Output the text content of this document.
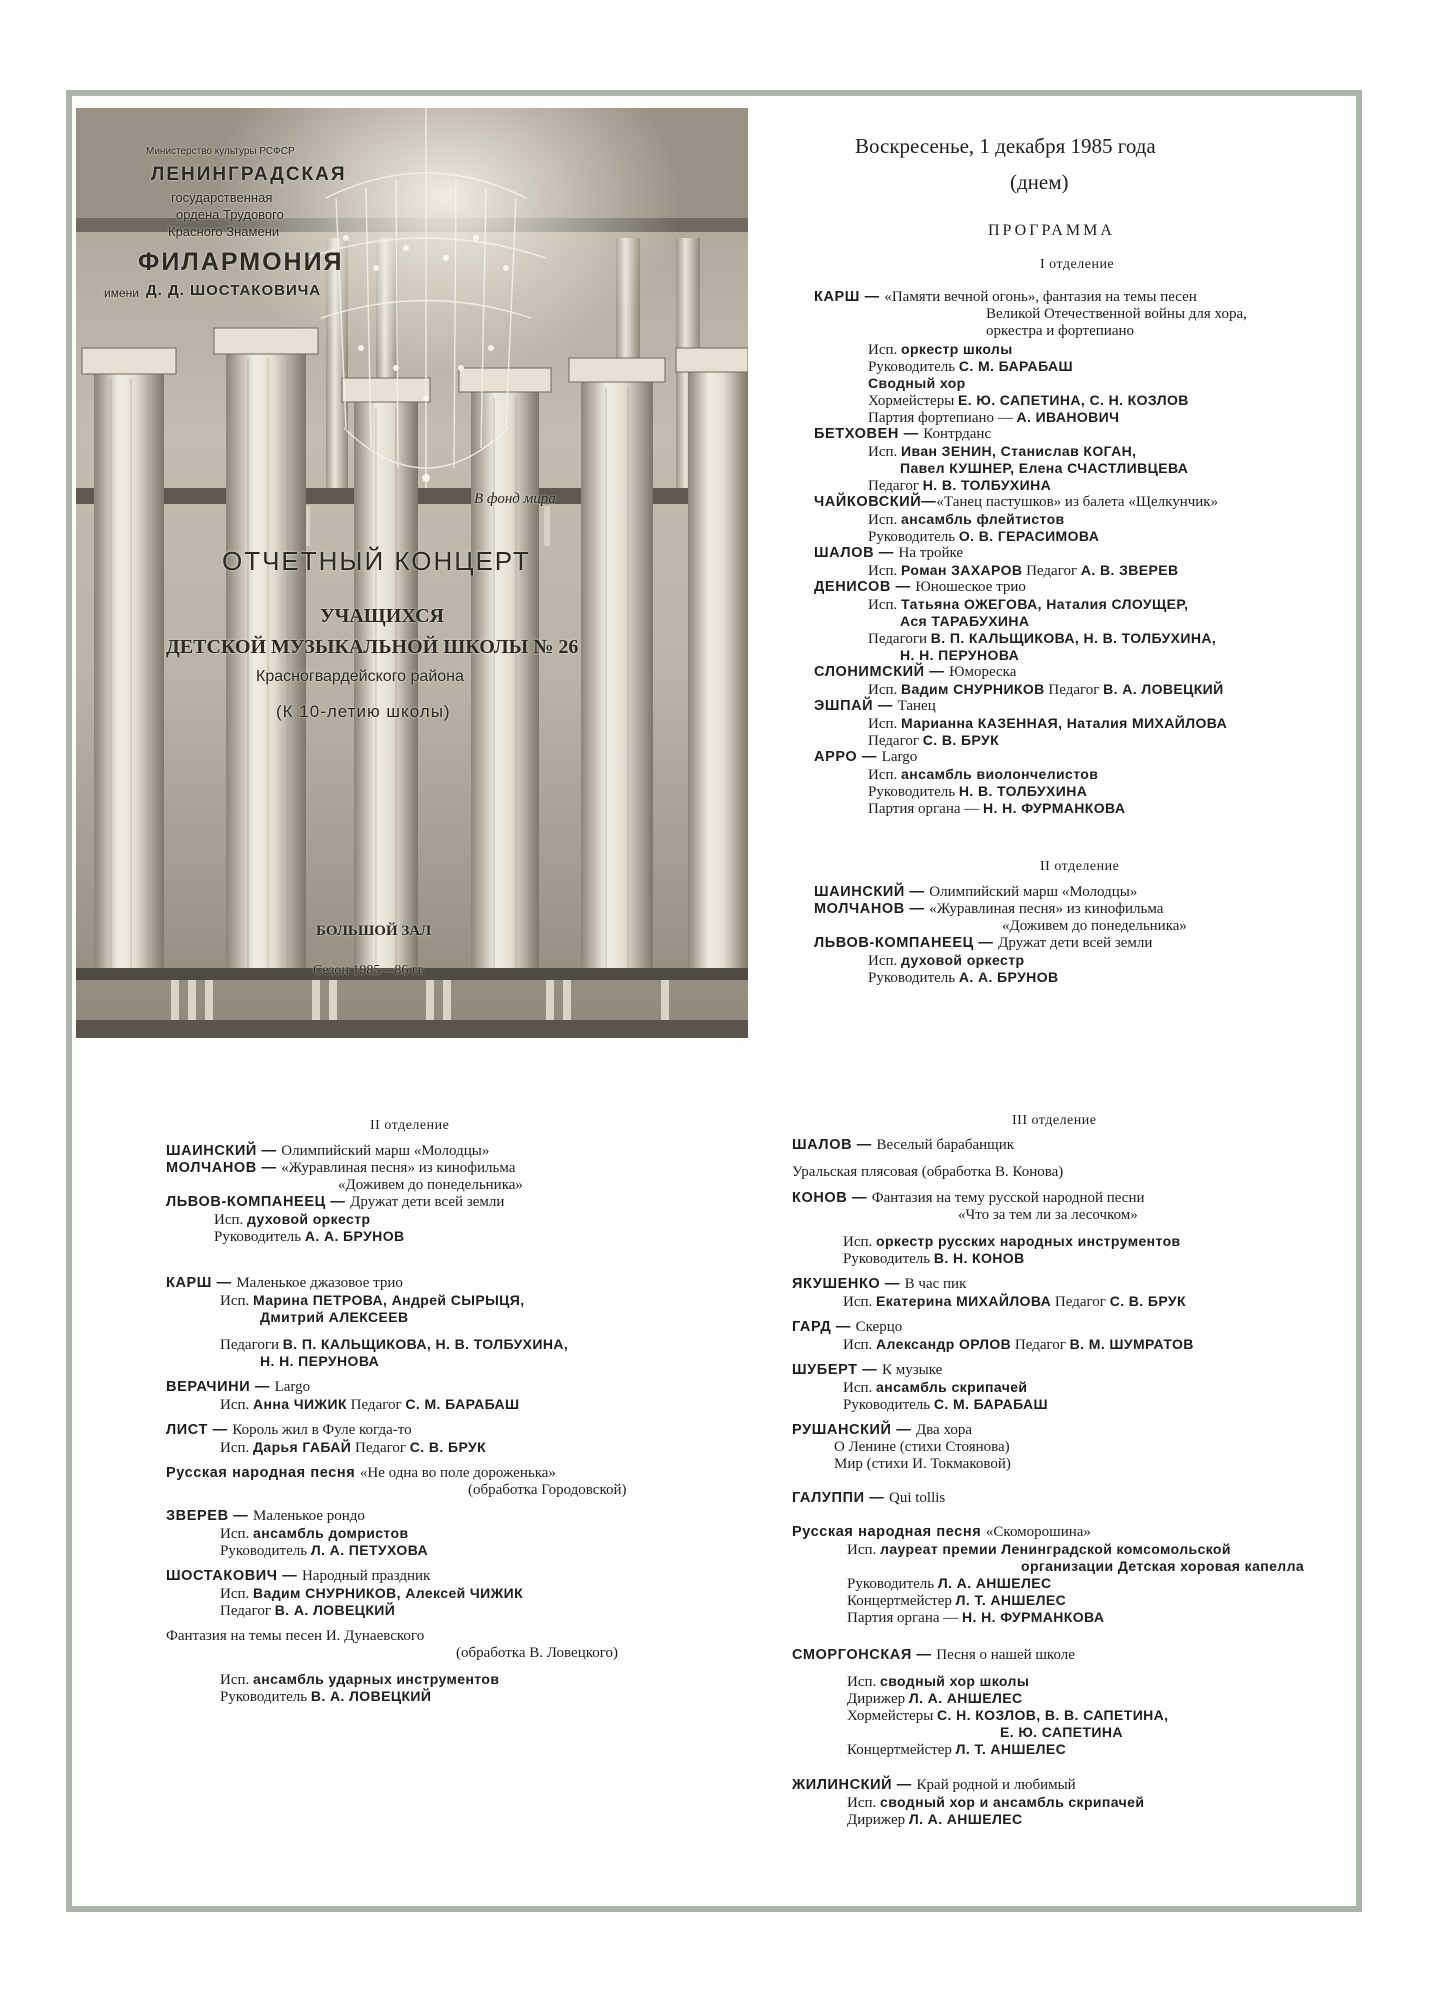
Министерство культуры РСФСР
ЛЕНИНГРАДСКАЯ
государственная
ордена Трудового
Красного Знамени
ФИЛАРМОНИЯ
имени Д. Д. ШОСТАКОВИЧА
В фонд мира
ОТЧЕТНЫЙ КОНЦЕРТ
УЧАЩИХСЯ
ДЕТСКОЙ МУЗЫКАЛЬНОЙ ШКОЛЫ № 26
Красногвардейского района
(К 10-летию школы)
БОЛЬШОЙ ЗАЛ
Сезон 1985—86 гг.
Воскресенье, 1 декабря 1985 года
(днем)
ПРОГРАММА
I отделение
КАРШ — «Памяти вечной огонь», фантазия на темы песен
Великой Отечественной войны для хора,
оркестра и фортепиано
Исп. оркестр школы
Руководитель С. М. БАРАБАШ
Сводный хор
Хормейстеры Е. Ю. САПЕТИНА, С. Н. КОЗЛОВ
Партия фортепиано — А. ИВАНОВИЧ
БЕТХОВЕН — Контрданс
Исп. Иван ЗЕНИН, Станислав КОГАН,
Павел КУШНЕР, Елена СЧАСТЛИВЦЕВА
Педагог Н. В. ТОЛБУХИНА
ЧАЙКОВСКИЙ—«Танец пастушков» из балета «Щелкунчик»
Исп. ансамбль флейтистов
Руководитель О. В. ГЕРАСИМОВА
ШАЛОВ — На тройке
Исп. Роман ЗАХАРОВ Педагог А. В. ЗВЕРЕВ
ДЕНИСОВ — Юношеское трио
Исп. Татьяна ОЖЕГОВА, Наталия СЛОУЩЕР,
Ася ТАРАБУХИНА
Педагоги В. П. КАЛЬЩИКОВА, Н. В. ТОЛБУХИНА,
Н. Н. ПЕРУНОВА
СЛОНИМСКИЙ — Юмореска
Исп. Вадим СНУРНИКОВ Педагог В. А. ЛОВЕЦКИЙ
ЭШПАЙ — Танец
Исп. Марианна КАЗЕННАЯ, Наталия МИХАЙЛОВА
Педагог С. В. БРУК
АРРО — Largo
Исп. ансамбль виолончелистов
Руководитель Н. В. ТОЛБУХИНА
Партия органа — Н. Н. ФУРМАНКОВА
II отделение
ШАИНСКИЙ — Олимпийский марш «Молодцы»
МОЛЧАНОВ — «Журавлиная песня» из кинофильма
«Доживем до понедельника»
ЛЬВОВ-КОМПАНЕЕЦ — Дружат дети всей земли
Исп. духовой оркестр
Руководитель А. А. БРУНОВ
II отделение
ШАИНСКИЙ — Олимпийский марш «Молодцы»
МОЛЧАНОВ — «Журавлиная песня» из кинофильма
«Доживем до понедельника»
ЛЬВОВ-КОМПАНЕЕЦ — Дружат дети всей земли
Исп. духовой оркестр
Руководитель А. А. БРУНОВ
КАРШ — Маленькое джазовое трио
Исп. Марина ПЕТРОВА, Андрей СЫРЫЦЯ,
Дмитрий АЛЕКСЕЕВ
Педагоги В. П. КАЛЬЩИКОВА, Н. В. ТОЛБУХИНА,
Н. Н. ПЕРУНОВА
ВЕРАЧИНИ — Largo
Исп. Анна ЧИЖИК Педагог С. М. БАРАБАШ
ЛИСТ — Король жил в Фуле когда-то
Исп. Дарья ГАБАЙ Педагог С. В. БРУК
Русская народная песня «Не одна во поле дороженька»
(обработка Городовской)
ЗВЕРЕВ — Маленькое рондо
Исп. ансамбль домристов
Руководитель Л. А. ПЕТУХОВА
ШОСТАКОВИЧ — Народный праздник
Исп. Вадим СНУРНИКОВ, Алексей ЧИЖИК
Педагог В. А. ЛОВЕЦКИЙ
Фантазия на темы песен И. Дунаевского
(обработка В. Ловецкого)
Исп. ансамбль ударных инструментов
Руководитель В. А. ЛОВЕЦКИЙ
III отделение
ШАЛОВ — Веселый барабанщик
Уральская плясовая (обработка В. Конова)
КОНОВ — Фантазия на тему русской народной песни
«Что за тем ли за лесочком»
Исп. оркестр русских народных инструментов
Руководитель В. Н. КОНОВ
ЯКУШЕНКО — В час пик
Исп. Екатерина МИХАЙЛОВА Педагог С. В. БРУК
ГАРД — Скерцо
Исп. Александр ОРЛОВ Педагог В. М. ШУМРАТОВ
ШУБЕРТ — К музыке
Исп. ансамбль скрипачей
Руководитель С. М. БАРАБАШ
РУШАНСКИЙ — Два хора
О Ленине (стихи Стоянова)
Мир (стихи И. Токмаковой)
ГАЛУППИ — Qui tollis
Русская народная песня «Скоморошина»
Исп. лауреат премии Ленинградской комсомольской
организации Детская хоровая капелла
Руководитель Л. А. АНШЕЛЕС
Концертмейстер Л. Т. АНШЕЛЕС
Партия органа — Н. Н. ФУРМАНКОВА
СМОРГОНСКАЯ — Песня о нашей школе
Исп. сводный хор школы
Дирижер Л. А. АНШЕЛЕС
Хормейстеры С. Н. КОЗЛОВ, В. В. САПЕТИНА,
Е. Ю. САПЕТИНА
Концертмейстер Л. Т. АНШЕЛЕС
ЖИЛИНСКИЙ — Край родной и любимый
Исп. сводный хор и ансамбль скрипачей
Дирижер Л. А. АНШЕЛЕС
